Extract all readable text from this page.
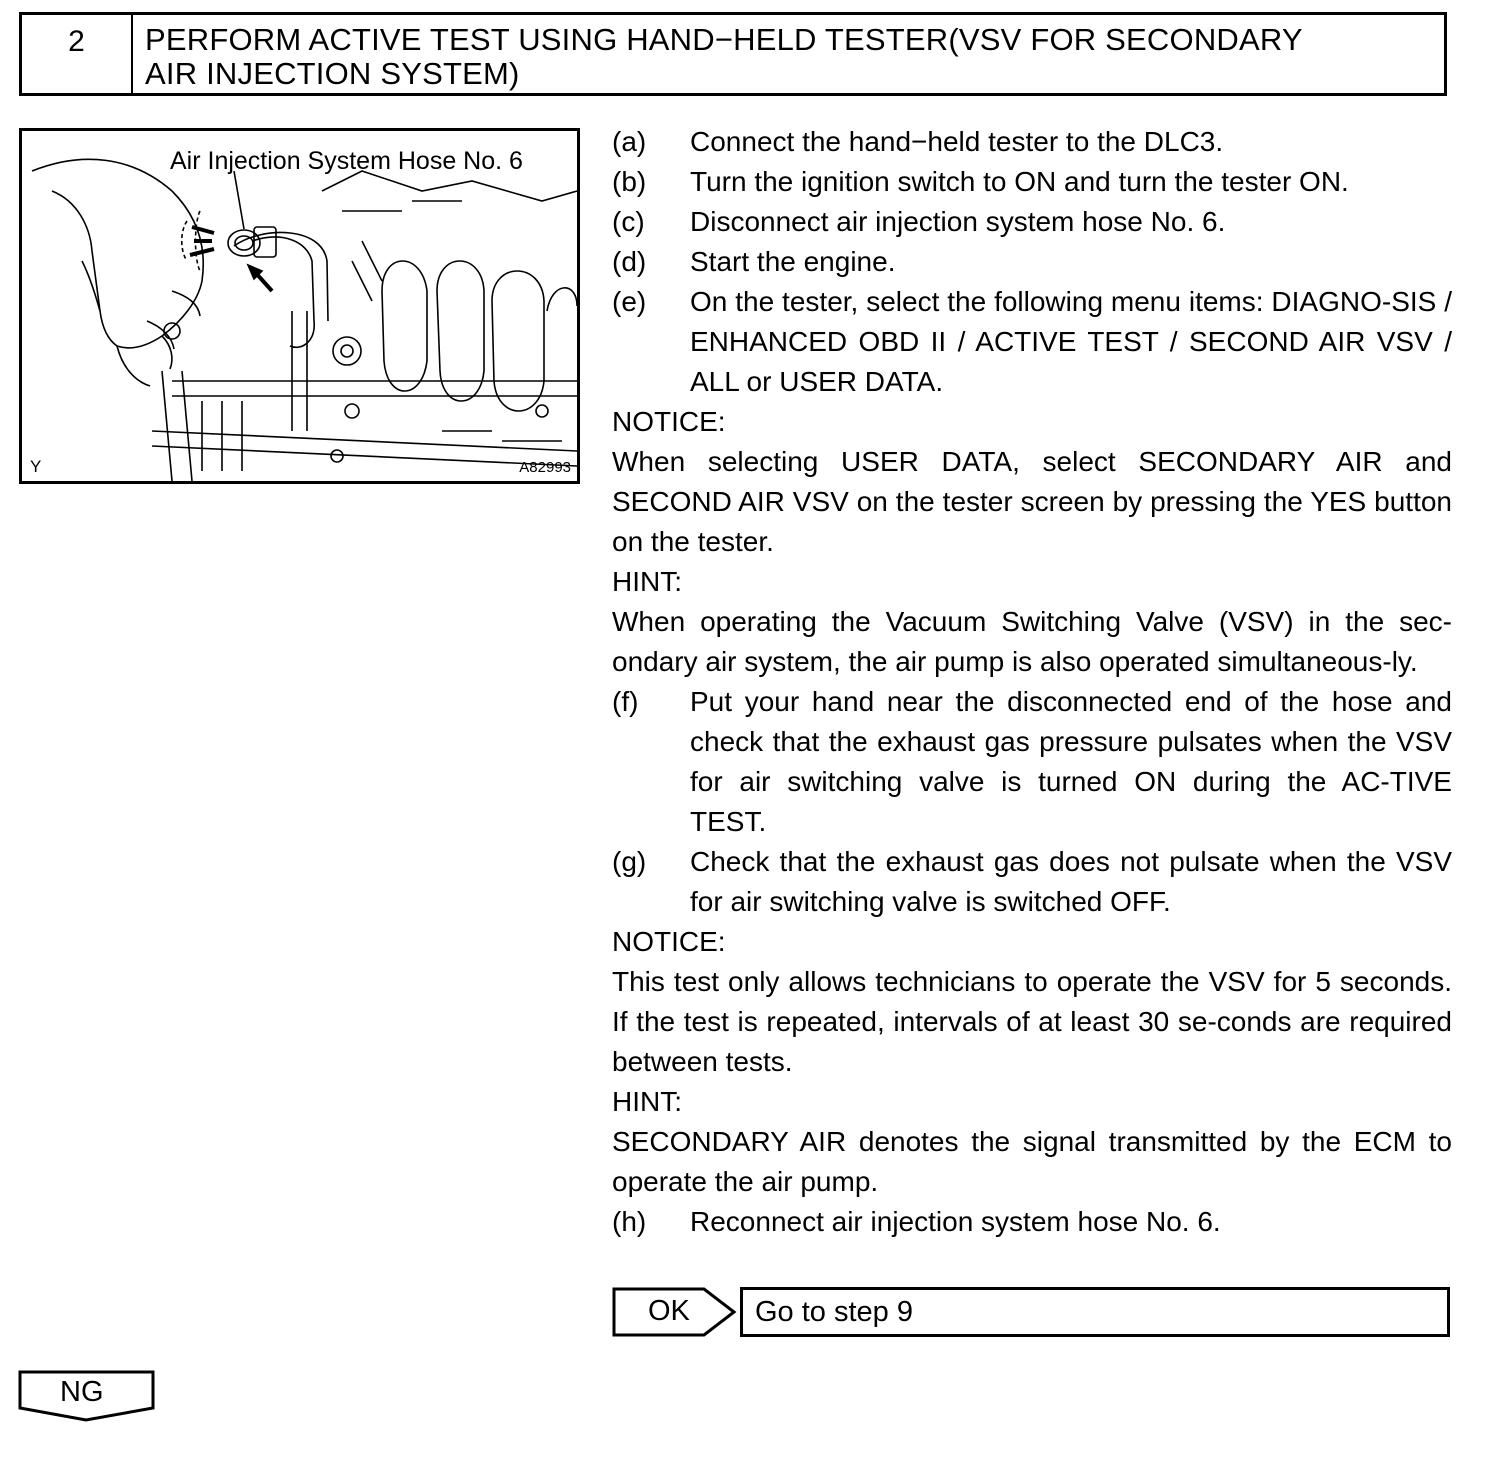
2	PERFORM ACTIVE TEST USING HAND−HELD TESTER(VSV FOR SECONDARY
AIR INJECTION SYSTEM)
Air Injection System Hose No. 6
Y	A82993
(a)	Connect the hand−held tester to the DLC3.
(b)	Turn the ignition switch to ON and turn the tester ON.
(c)	Disconnect air injection system hose No. 6.
(d)	Start the engine.
(e)	On the tester, select the following menu items: DIAGNO-SIS / ENHANCED OBD II / ACTIVE TEST / SECOND AIR VSV / ALL or USER DATA.
NOTICE:
When selecting USER DATA, select SECONDARY AIR and SECOND AIR VSV on the tester screen by pressing the YES button on the tester.
HINT:
When operating the Vacuum Switching Valve (VSV) in the sec-ondary air system, the air pump is also operated simultaneous-ly.
(f)	Put your hand near the disconnected end of the hose and check that the exhaust gas pressure pulsates when the VSV for air switching valve is turned ON during the AC-TIVE TEST.
(g)	Check that the exhaust gas does not pulsate when the VSV for air switching valve is switched OFF.
NOTICE:
This test only allows technicians to operate the VSV for 5 seconds. If the test is repeated, intervals of at least 30 se-conds are required between tests.
HINT:
SECONDARY AIR denotes the signal transmitted by the ECM to operate the air pump.
(h)	Reconnect air injection system hose No. 6.
OK	Go to step 9
NG
